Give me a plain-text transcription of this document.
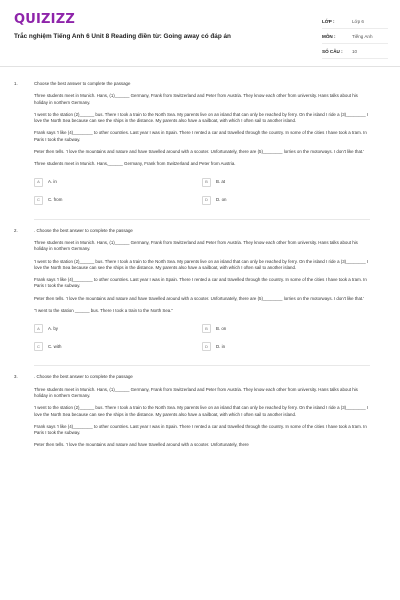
QUIZIZZ
Trắc nghiệm Tiếng Anh 6 Unit 8 Reading điền từ: Going away có đáp án
LỚP :	Lớp 6
MÔN :	Tiếng Anh
SỐ CÂU :	10
1.	Choose the best answer to complete the passage
Three students meet in Munich. Hans, (1)______ Germany, Frank from Switzerland and Peter from Austria. They know each other from university. Hans talks about his holiday in northern Germany.
'I went to the station (2)______ bus. There I took a train to the North Sea. My parents live on an island that can only be reached by ferry. On the island I ride a (3)________ I love the North Sea because can see the ships in the distance. My parents also have a sailboat, with which I often sail to another island.
Frank says 'I like (4)________ to other countries. Last year I was in Spain. There I rented a car and travelled through the country. In some of the cities I have took a tram. In Paris I took the subway.
Peter then tells. 'I love the mountains and nature and have travelled around with a scooter. Unfortunately, there are (5)________ lorries on the motorways. I don't like that.'
Three students meet in Munich. Hans,______ Germany, Frank from Switzerland and Peter from Austria.
A	A. in	B	B. at
C	C. from	D	D. on
2.	. Choose the best answer to complete the passage
Three students meet in Munich. Hans, (1)______ Germany, Frank from Switzerland and Peter from Austria. They know each other from university. Hans talks about his holiday in northern Germany.
'I went to the station (2)______ bus. There I took a train to the North Sea. My parents live on an island that can only be reached by ferry. On the island I ride a (3)________ I love the North Sea because can see the ships in the distance. My parents also have a sailboat, with which I often sail to another island.
Frank says 'I like (4)________ to other countries. Last year I was in Spain. There I rented a car and travelled through the country. In some of the cities I have took a tram. In Paris I took the subway.
Peter then tells. 'I love the mountains and nature and have travelled around with a scooter. Unfortunately, there are (5)________ lorries on the motorways. I don't like that.'
"I went to the station ______ bus. There I took a train to the North Sea."
A	A. by	B	B. on
C	C. with	D	D. in
3.	. Choose the best answer to complete the passage
Three students meet in Munich. Hans, (1)______ Germany, Frank from Switzerland and Peter from Austria. They know each other from university. Hans talks about his holiday in northern Germany.
'I went to the station (2)______ bus. There I took a train to the North Sea. My parents live on an island that can only be reached by ferry. On the island I ride a (3)________ I love the North Sea because can see the ships in the distance. My parents also have a sailboat, with which I often sail to another island.
Frank says 'I like (4)________ to other countries. Last year I was in Spain. There I rented a car and travelled through the country. In some of the cities I have took a tram. In Paris I took the subway.
Peter then tells. 'I love the mountains and nature and have travelled around with a scooter. Unfortunately, there
